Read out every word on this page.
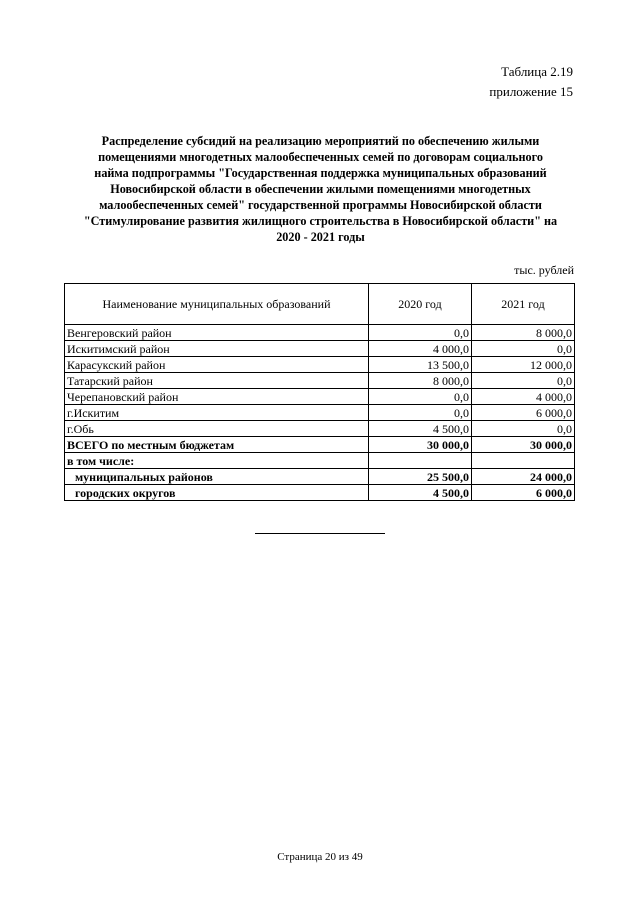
Таблица 2.19
приложение 15
Распределение субсидий на реализацию мероприятий по обеспечению жилыми
помещениями многодетных малообеспеченных семей по договорам социального
найма подпрограммы "Государственная поддержка муниципальных образований
Новосибирской области в обеспечении жилыми помещениями многодетных
малообеспеченных семей" государственной программы Новосибирской области
"Стимулирование развития жилищного строительства в Новосибирской области" на
2020 - 2021 годы
тыс. рублей
Наименование муниципальных образований	2020 год	2021 год
Венгеровский район	0,0	8 000,0
Искитимский район	4 000,0	0,0
Карасукский район	13 500,0	12 000,0
Татарский район	8 000,0	0,0
Черепановский район	0,0	4 000,0
г.Искитим	0,0	6 000,0
г.Обь	4 500,0	0,0
ВСЕГО по местным бюджетам	30 000,0	30 000,0
в том числе:		
муниципальных районов	25 500,0	24 000,0
городских округов	4 500,0	6 000,0
Страница 20 из 49
